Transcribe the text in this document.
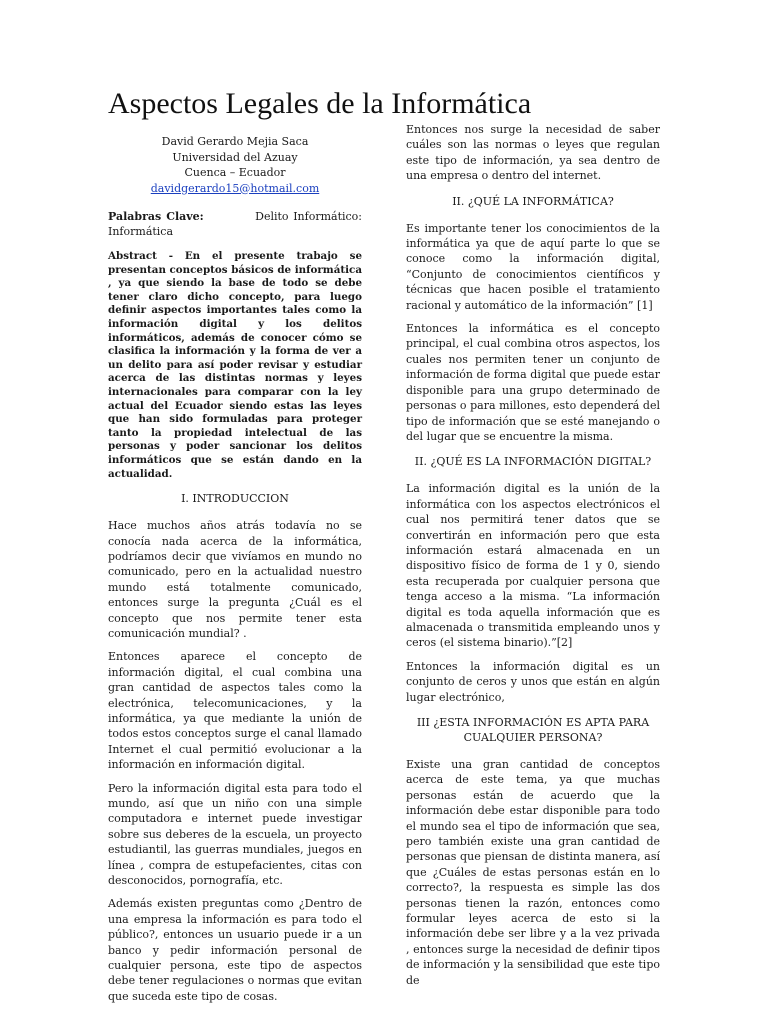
Aspectos Legales de la Informática
David Gerardo Mejia Saca
Universidad del Azuay
Cuenca – Ecuador
davidgerardo15@hotmail.com
Palabras Clave:	Delito Informático: Informática
Abstract - En el presente trabajo se presentan conceptos básicos de informática , ya que siendo la base de todo se debe tener claro dicho concepto, para luego definir aspectos importantes tales como la información digital y los delitos informáticos, además de conocer cómo se clasifica la información y la forma de ver a un delito para así poder revisar y estudiar acerca de las distintas normas y leyes internacionales para comparar con la ley actual del Ecuador siendo estas las leyes que han sido formuladas para proteger tanto la propiedad intelectual de las personas y poder sancionar los delitos informáticos que se están dando en la actualidad.
I. INTRODUCCION

Hace muchos años atrás todavía no se conocía nada acerca de la informática, podríamos decir que vivíamos en mundo no comunicado, pero en la actualidad nuestro mundo está totalmente comunicado, entonces surge la pregunta ¿Cuál es el concepto que nos permite tener esta comunicación mundial? .

Entonces aparece el concepto de información digital, el cual combina una gran cantidad de aspectos tales como la electrónica, telecomunicaciones, y la informática, ya que mediante la unión de todos estos conceptos surge el canal llamado Internet el cual permitió evolucionar a la información en información digital.

Pero la información digital esta para todo el mundo, así que un niño con una simple computadora e internet puede investigar sobre sus deberes de la escuela, un proyecto estudiantil, las guerras mundiales, juegos en línea , compra de estupefacientes, citas con desconocidos, pornografía, etc.

Además existen preguntas como ¿Dentro de una empresa la información es para todo el público?, entonces un usuario puede ir a un banco y pedir información personal de cualquier persona, este tipo de aspectos debe tener regulaciones o normas que evitan que suceda este tipo de cosas.

Entonces nos surge la necesidad de saber cuáles son las normas o leyes que regulan este tipo de información, ya sea dentro de una empresa o dentro del internet.

II. ¿QUÉ LA INFORMÁTICA?

Es importante tener los conocimientos de la informática ya que de aquí parte lo que se conoce como la información digital, “Conjunto de conocimientos científicos y técnicas que hacen posible el tratamiento racional y automático de la información” [1]

Entonces la informática es el concepto principal, el cual combina otros aspectos, los cuales nos permiten tener un conjunto de información de forma digital que puede estar disponible para una grupo determinado de personas o para millones, esto dependerá del tipo de información que se esté manejando o del lugar que se encuentre la misma.

II. ¿QUÉ ES LA INFORMACIÓN DIGITAL?

La información digital es la unión de la informática con los aspectos electrónicos el cual nos permitirá tener datos que se convertirán en información pero que esta información estará almacenada en un dispositivo físico de forma de 1 y 0, siendo esta recuperada por cualquier persona que tenga acceso a la misma. “La información digital es toda aquella información que es almacenada o transmitida empleando unos y ceros (el sistema binario).”[2]

Entonces la información digital es un conjunto de ceros y unos que están en algún lugar electrónico,

III ¿ESTA INFORMACIÓN ES APTA PARA CUALQUIER PERSONA?

Existe una gran cantidad de conceptos acerca de este tema, ya que muchas personas están de acuerdo que la información debe estar disponible para todo el mundo sea el tipo de información que sea, pero también existe una gran cantidad de personas que piensan de distinta manera, así que ¿Cuáles de estas personas están en lo correcto?, la respuesta es simple las dos personas tienen la razón, entonces como formular leyes acerca de esto si la información debe ser libre y a la vez privada , entonces surge la necesidad de definir tipos de información y la sensibilidad que este tipo de
